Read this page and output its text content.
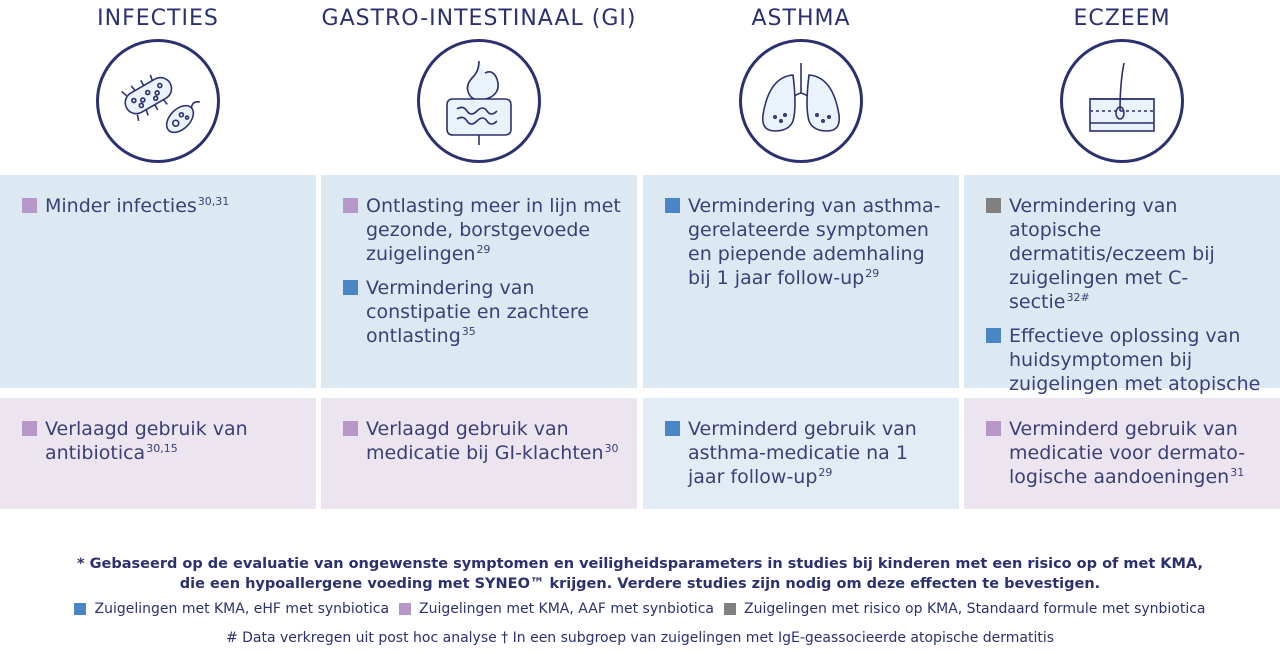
INFECTIES
Minder infecties$^{30,31}$
Verlaagd gebruik van antibiotica$^{30,15}$
GASTRO-INTESTINAAL (GI)
Ontlasting meer in lijn met gezonde, borstgevoede zuigelingen$^{29}$
Vermindering van constipatie en zachtere ontlasting$^{35}$
Verlaagd gebruik van medicatie bij GI-klachten$^{30}$
ASTHMA
Vermindering van asthma-gerelateerde symptomen en piepende ademhaling bij 1 jaar follow-$up^{29}$
Verminderd gebruik van asthma-medicatie na 1 jaar follow-$up^{29}$
ECZEEM
Vermindering van atopische dermatitis/eczeem bij zuigelingen met C-sectie$^{32\#}$
Effectieve oplossing van huidsymptomen bij zuigelingen met atopische
Verminderd gebruik van medicatie voor dermato-logische aandoeningen$^{31}$
* Gebaseerd op de evaluatie van ongewenste symptomen en veiligheidsparameters in studies bij kinderen met een risico op of met KMA,
die een hypoallergene voeding met SYNEO™ krijgen. Verdere studies zijn nodig om deze effecten te bevestigen.
Zuigelingen met KMA, eHF met synbiotica Zuigelingen met KMA, AAF met synbiotica Zuigelingen met risico op KMA, Standaard formule met synbiotica
# Data verkregen uit post hoc analyse † In een subgroep van zuigelingen met IgE-geassocieerde atopische dermatitis
